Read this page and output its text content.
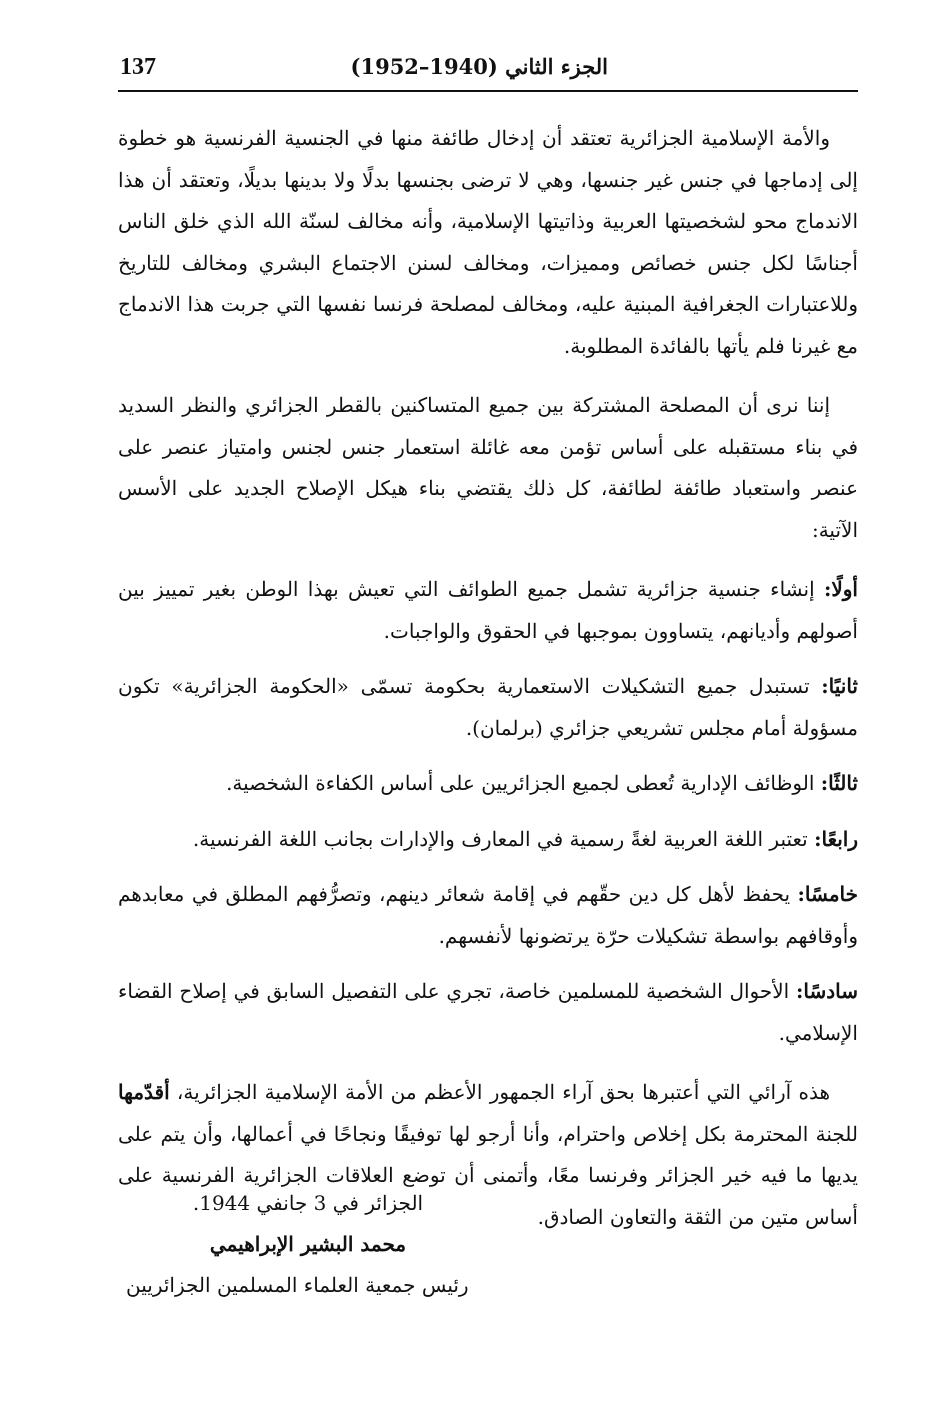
137	الجزء الثاني (1940–1952)

والأمة الإسلامية الجزائرية تعتقد أن إدخال طائفة منها في الجنسية الفرنسية هو خطوة إلى إدماجها في جنس غير جنسها، وهي لا ترضى بجنسها بدلًا ولا بدينها بديلًا، وتعتقد أن هذا الاندماج محو لشخصيتها العربية وذاتيتها الإسلامية، وأنه مخالف لسنّة الله الذي خلق الناس أجناسًا لكل جنس خصائص ومميزات، ومخالف لسنن الاجتماع البشري ومخالف للتاريخ وللاعتبارات الجغرافية المبنية عليه، ومخالف لمصلحة فرنسا نفسها التي جربت هذا الاندماج مع غيرنا فلم يأتها بالفائدة المطلوبة.

إننا نرى أن المصلحة المشتركة بين جميع المتساكنين بالقطر الجزائري والنظر السديد في بناء مستقبله على أساس تؤمن معه غائلة استعمار جنس لجنس وامتياز عنصر على عنصر واستعباد طائفة لطائفة، كل ذلك يقتضي بناء هيكل الإصلاح الجديد على الأسس الآتية:

أولًا: إنشاء جنسية جزائرية تشمل جميع الطوائف التي تعيش بهذا الوطن بغير تمييز بين أصولهم وأديانهم، يتساوون بموجبها في الحقوق والواجبات.

ثانيًا: تستبدل جميع التشكيلات الاستعمارية بحكومة تسمّى «الحكومة الجزائرية» تكون مسؤولة أمام مجلس تشريعي جزائري (برلمان).

ثالثًا: الوظائف الإدارية تُعطى لجميع الجزائريين على أساس الكفاءة الشخصية.

رابعًا: تعتبر اللغة العربية لغةً رسمية في المعارف والإدارات بجانب اللغة الفرنسية.

خامسًا: يحفظ لأهل كل دين حقّهم في إقامة شعائر دينهم، وتصرُّفهم المطلق في معابدهم وأوقافهم بواسطة تشكيلات حرّة يرتضونها لأنفسهم.

سادسًا: الأحوال الشخصية للمسلمين خاصة، تجري على التفصيل السابق في إصلاح القضاء الإسلامي.

هذه آرائي التي أعتبرها بحق آراء الجمهور الأعظم من الأمة الإسلامية الجزائرية، أقدّمها للجنة المحترمة بكل إخلاص واحترام، وأنا أرجو لها توفيقًا ونجاحًا في أعمالها، وأن يتم على يديها ما فيه خير الجزائر وفرنسا معًا، وأتمنى أن توضع العلاقات الجزائرية الفرنسية على أساس متين من الثقة والتعاون الصادق.

الجزائر في 3 جانفي 1944.
محمد البشير الإبراهيمي
رئيس جمعية العلماء المسلمين الجزائريين
